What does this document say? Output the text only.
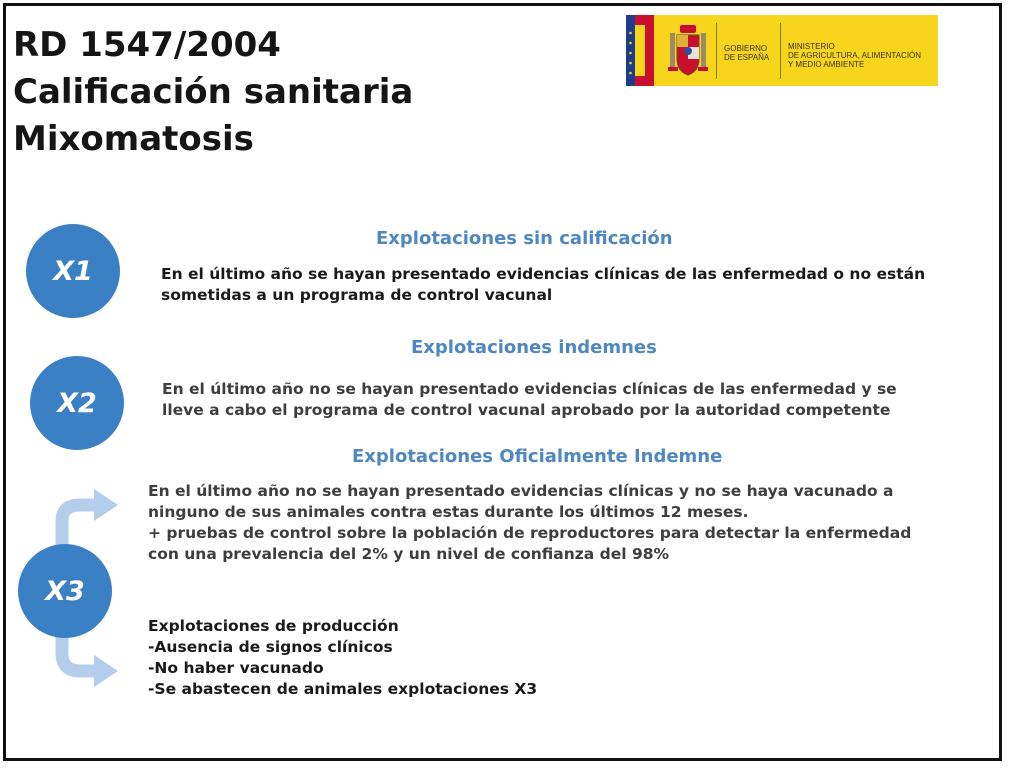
RD 1547/2004
Calificación sanitaria
Mixomatosis
GOBIERNO
DE ESPAÑA
MINISTERIO
DE AGRICULTURA, ALIMENTACIÓN
Y MEDIO AMBIENTE
X1
Explotaciones sin calificación
En el último año se hayan presentado evidencias clínicas de las enfermedad o no están
sometidas a un programa de control vacunal
X2
Explotaciones indemnes
En el último año no se hayan presentado evidencias clínicas de las enfermedad y se
lleve a cabo el programa de control vacunal aprobado por la autoridad competente
X3
Explotaciones Oficialmente Indemne
En el último año no se hayan presentado evidencias clínicas y no se haya vacunado a
ninguno de sus animales contra estas durante los últimos 12 meses.
+ pruebas de control sobre la población de reproductores para detectar la enfermedad
con una prevalencia del 2% y un nivel de confianza del 98%
Explotaciones de producción
-Ausencia de signos clínicos
-No haber vacunado
-Se abastecen de animales explotaciones X3
